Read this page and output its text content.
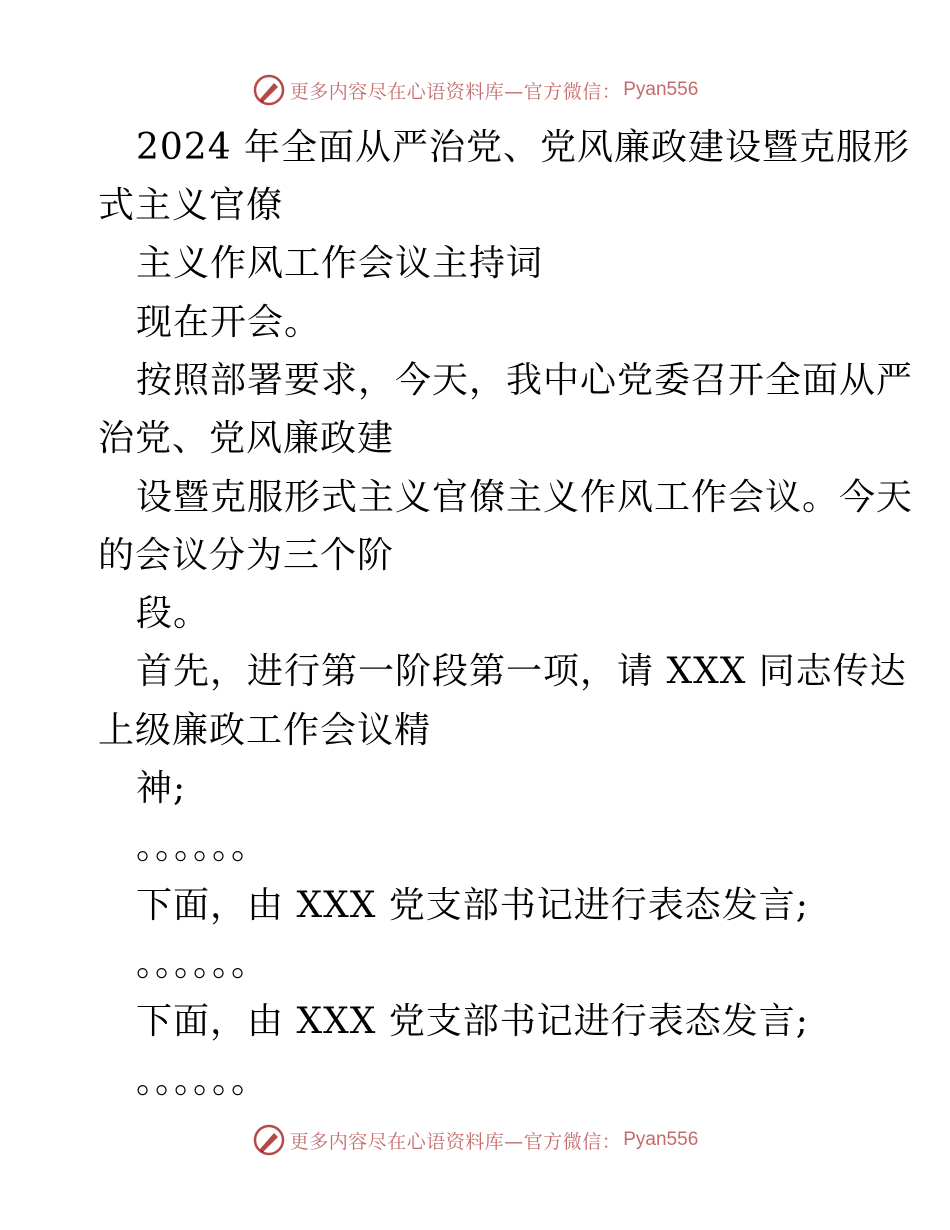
更多内容尽在心语资料库—官方微信： Pyan556
2024 年全面从严治党、党风廉政建设暨克服形
式主义官僚
主义作风工作会议主持词
现在开会。
按照部署要求，今天，我中心党委召开全面从严
治党、党风廉政建
设暨克服形式主义官僚主义作风工作会议。今天
的会议分为三个阶
段。
首先，进行第一阶段第一项，请 XXX 同志传达
上级廉政工作会议精
神;
。。。。。。
下面，由 XXX 党支部书记进行表态发言;
。。。。。。
下面，由 XXX 党支部书记进行表态发言;
。。。。。。
更多内容尽在心语资料库—官方微信： Pyan556
